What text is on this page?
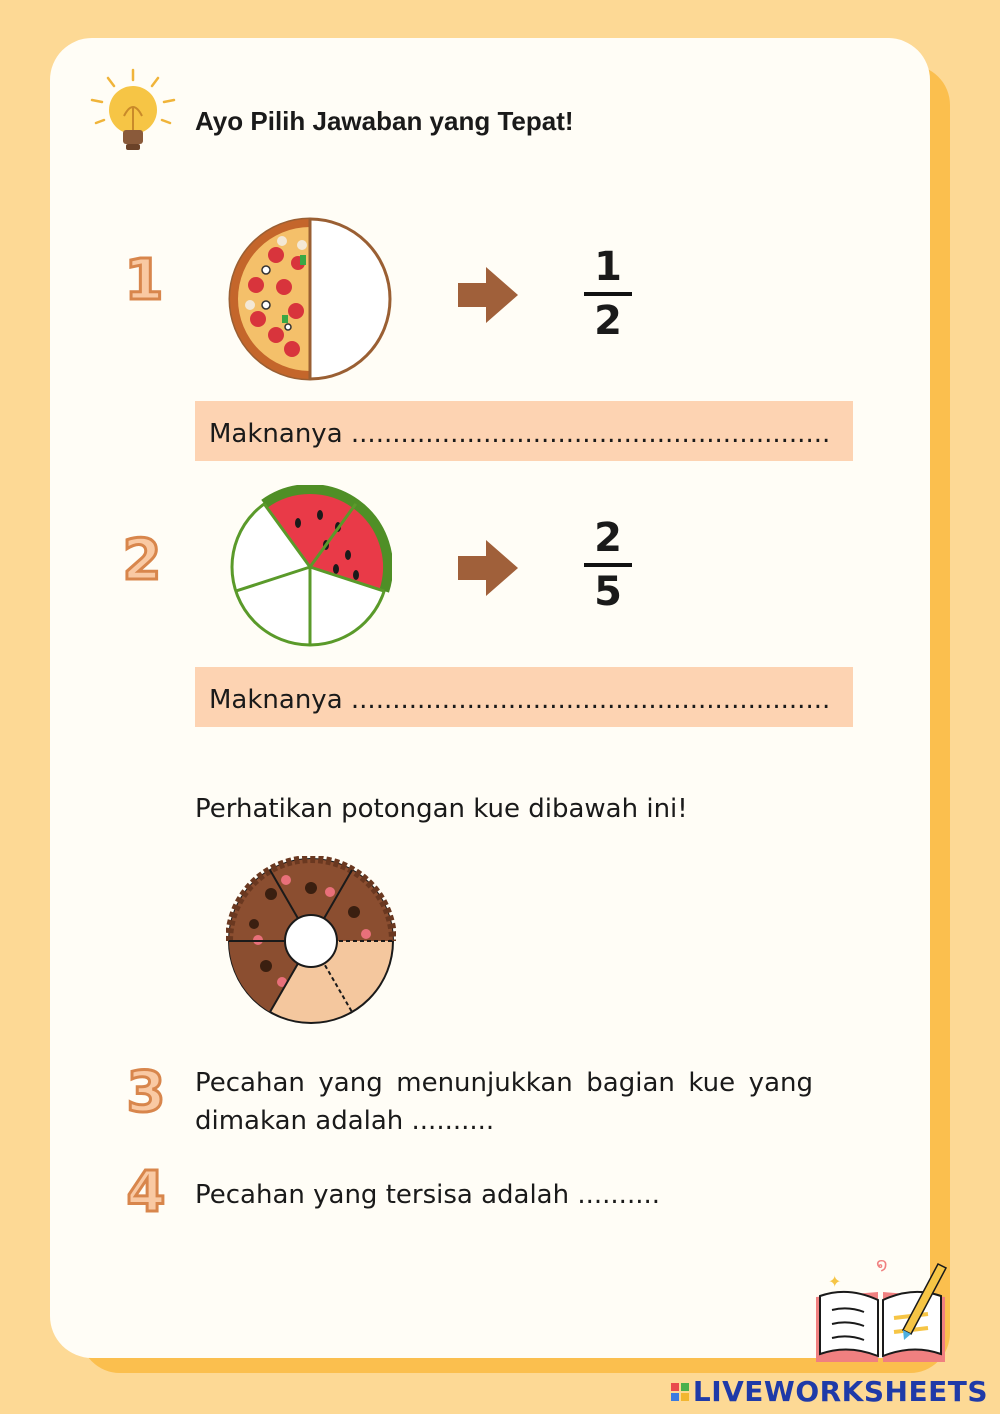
Ayo Pilih Jawaban yang Tepat!
1	1
2
Maknanya ..........................................................
2	2
5
Maknanya ..........................................................
Perhatikan potongan kue dibawah ini!
3	Pecahan yang menunjukkan bagian kue yang dimakan adalah ..........
4	Pecahan yang tersisa adalah ..........
✦
໑
LIVEWORKSHEETS
